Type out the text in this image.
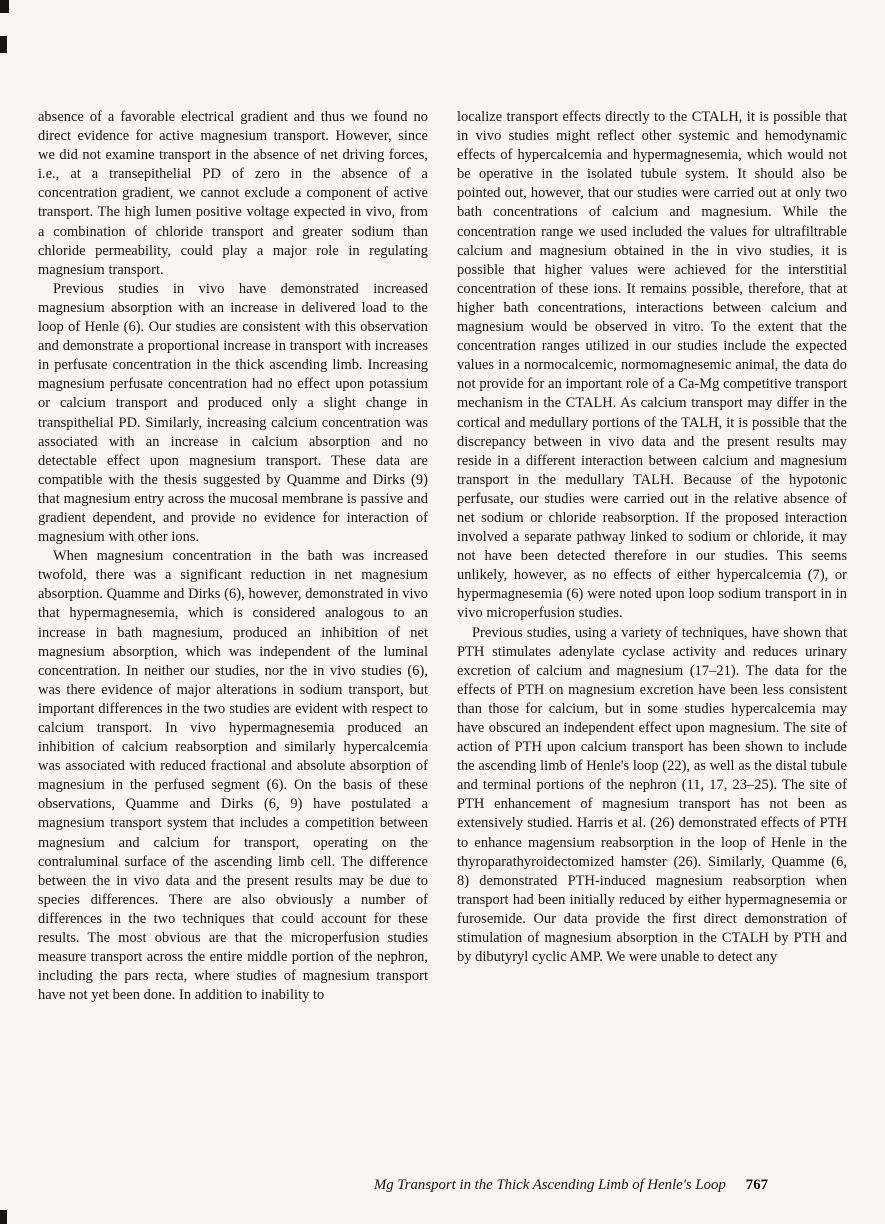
absence of a favorable electrical gradient and thus we found no direct evidence for active magnesium transport. However, since we did not examine transport in the absence of net driving forces, i.e., at a transepithelial PD of zero in the absence of a concentration gradient, we cannot exclude a component of active transport. The high lumen positive voltage expected in vivo, from a combination of chloride transport and greater sodium than chloride permeability, could play a major role in regulating magnesium transport.

Previous studies in vivo have demonstrated increased magnesium absorption with an increase in delivered load to the loop of Henle (6). Our studies are consistent with this observation and demonstrate a proportional increase in transport with increases in perfusate concentration in the thick ascending limb. Increasing magnesium perfusate concentration had no effect upon potassium or calcium transport and produced only a slight change in transpithelial PD. Similarly, increasing calcium concentration was associated with an increase in calcium absorption and no detectable effect upon magnesium transport. These data are compatible with the thesis suggested by Quamme and Dirks (9) that magnesium entry across the mucosal membrane is passive and gradient dependent, and provide no evidence for interaction of magnesium with other ions.

When magnesium concentration in the bath was increased twofold, there was a significant reduction in net magnesium absorption. Quamme and Dirks (6), however, demonstrated in vivo that hypermagnesemia, which is considered analogous to an increase in bath magnesium, produced an inhibition of net magnesium absorption, which was independent of the luminal concentration. In neither our studies, nor the in vivo studies (6), was there evidence of major alterations in sodium transport, but important differences in the two studies are evident with respect to calcium transport. In vivo hypermagnesemia produced an inhibition of calcium reabsorption and similarly hypercalcemia was associated with reduced fractional and absolute absorption of magnesium in the perfused segment (6). On the basis of these observations, Quamme and Dirks (6, 9) have postulated a magnesium transport system that includes a competition between magnesium and calcium for transport, operating on the contraluminal surface of the ascending limb cell. The difference between the in vivo data and the present results may be due to species differences. There are also obviously a number of differences in the two techniques that could account for these results. The most obvious are that the microperfusion studies measure transport across the entire middle portion of the nephron, including the pars recta, where studies of magnesium transport have not yet been done. In addition to inability to

localize transport effects directly to the CTALH, it is possible that in vivo studies might reflect other systemic and hemodynamic effects of hypercalcemia and hypermagnesemia, which would not be operative in the isolated tubule system. It should also be pointed out, however, that our studies were carried out at only two bath concentrations of calcium and magnesium. While the concentration range we used included the values for ultrafiltrable calcium and magnesium obtained in the in vivo studies, it is possible that higher values were achieved for the interstitial concentration of these ions. It remains possible, therefore, that at higher bath concentrations, interactions between calcium and magnesium would be observed in vitro. To the extent that the concentration ranges utilized in our studies include the expected values in a normocalcemic, normomagnesemic animal, the data do not provide for an important role of a Ca-Mg competitive transport mechanism in the CTALH. As calcium transport may differ in the cortical and medullary portions of the TALH, it is possible that the discrepancy between in vivo data and the present results may reside in a different interaction between calcium and magnesium transport in the medullary TALH. Because of the hypotonic perfusate, our studies were carried out in the relative absence of net sodium or chloride reabsorption. If the proposed interaction involved a separate pathway linked to sodium or chloride, it may not have been detected therefore in our studies. This seems unlikely, however, as no effects of either hypercalcemia (7), or hypermagnesemia (6) were noted upon loop sodium transport in in vivo microperfusion studies.

Previous studies, using a variety of techniques, have shown that PTH stimulates adenylate cyclase activity and reduces urinary excretion of calcium and magnesium (17–21). The data for the effects of PTH on magnesium excretion have been less consistent than those for calcium, but in some studies hypercalcemia may have obscured an independent effect upon magnesium. The site of action of PTH upon calcium transport has been shown to include the ascending limb of Henle's loop (22), as well as the distal tubule and terminal portions of the nephron (11, 17, 23–25). The site of PTH enhancement of magnesium transport has not been as extensively studied. Harris et al. (26) demonstrated effects of PTH to enhance magensium reabsorption in the loop of Henle in the thyroparathyroidectomized hamster (26). Similarly, Quamme (6, 8) demonstrated PTH-induced magnesium reabsorption when transport had been initially reduced by either hypermagnesemia or furosemide. Our data provide the first direct demonstration of stimulation of magnesium absorption in the CTALH by PTH and by dibutyryl cyclic AMP. We were unable to detect any

Mg Transport in the Thick Ascending Limb of Henle's Loop 767
